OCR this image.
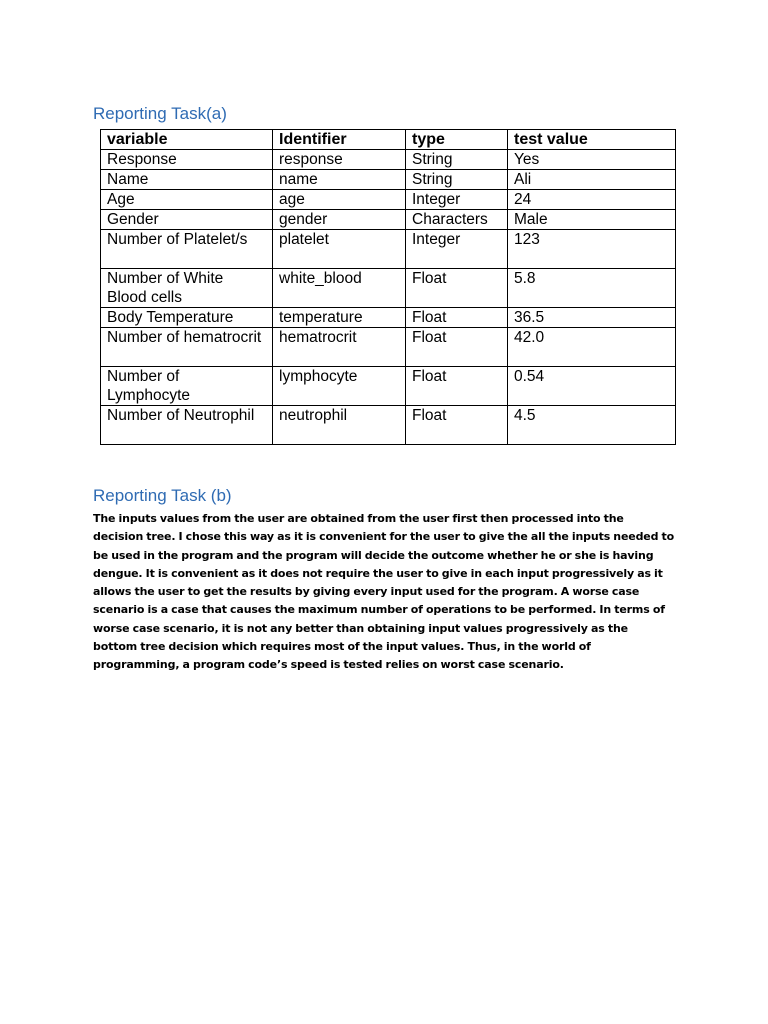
Reporting Task(a)
variable	Identifier	type	test value
Response	response	String	Yes
Name	name	String	Ali
Age	age	Integer	24
Gender	gender	Characters	Male
Number of Platelet/s	platelet	Integer	123
Number of White Blood cells	white_blood	Float	5.8
Body Temperature	temperature	Float	36.5
Number of hematrocrit	hematrocrit	Float	42.0
Number of Lymphocyte	lymphocyte	Float	0.54
Number of Neutrophil	neutrophil	Float	4.5
Reporting Task (b)

The inputs values from the user are obtained from the user first then processed into the decision tree. I chose this way as it is convenient for the user to give the all the inputs needed to be used in the program and the program will decide the outcome whether he or she is having dengue. It is convenient as it does not require the user to give in each input progressively as it allows the user to get the results by giving every input used for the program. A worse case scenario is a case that causes the maximum number of operations to be performed. In terms of worse case scenario, it is not any better than obtaining input values progressively as the bottom tree decision which requires most of the input values. Thus, in the world of programming, a program code’s speed is tested relies on worst case scenario.
